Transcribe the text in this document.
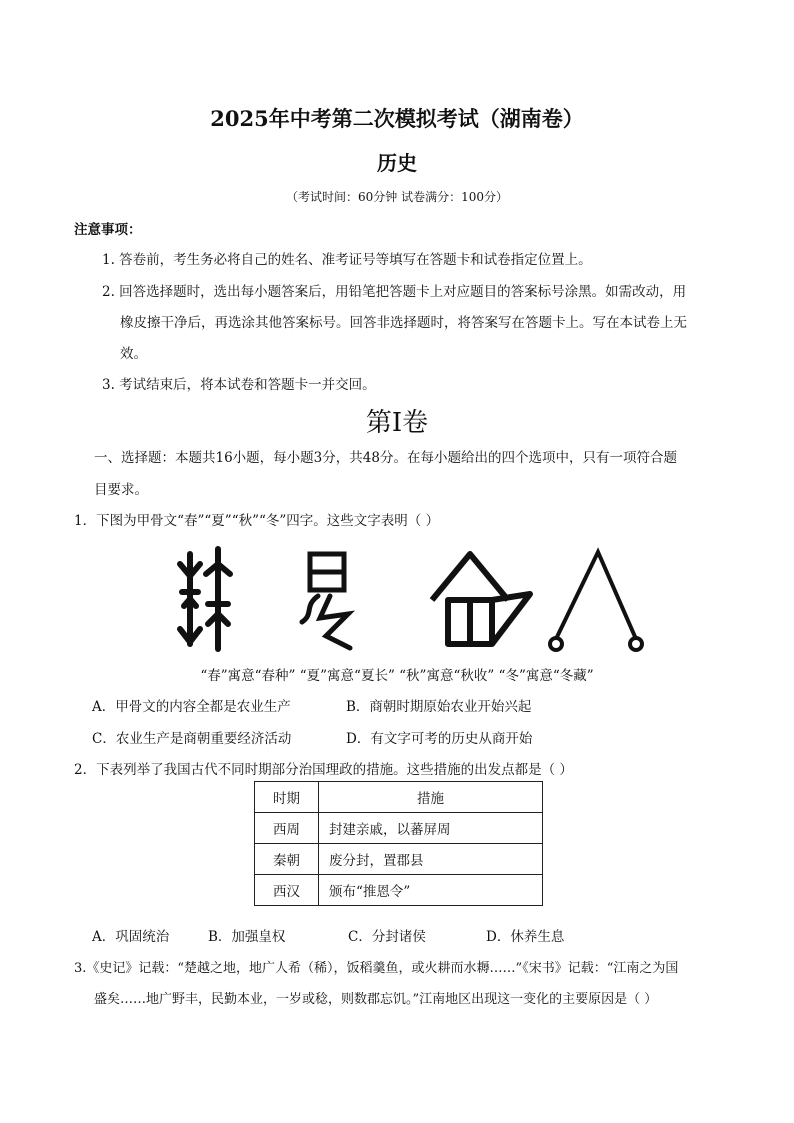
2025年中考第二次模拟考试（湖南卷）
历史
（考试时间：60分钟 试卷满分：100分）
注意事项：
1. 答卷前，考生务必将自己的姓名、准考证号等填写在答题卡和试卷指定位置上。
2. 回答选择题时，选出每小题答案后，用铅笔把答题卡上对应题目的答案标号涂黑。如需改动，用
橡皮擦干净后，再选涂其他答案标号。回答非选择题时，将答案写在答题卡上。写在本试卷上无
效。
3. 考试结束后，将本试卷和答题卡一并交回。
第Ⅰ卷
一、选择题：本题共16小题，每小题3分，共48分。在每小题给出的四个选项中，只有一项符合题
目要求。
1．下图为甲骨文“春”“夏”“秋”“冬”四字。这些文字表明（ ）
“春”寓意“春种” “夏”寓意“夏长” “秋”寓意“秋收” “冬”寓意“冬藏”
A．甲骨文的内容全都是农业生产	B．商朝时期原始农业开始兴起
C．农业生产是商朝重要经济活动	D．有文字可考的历史从商开始
2．下表列举了我国古代不同时期部分治国理政的措施。这些措施的出发点都是（ ）
时期	措施
西周	封建亲戚，以蕃屏周
秦朝	废分封，置郡县
西汉	颁布“推恩令”
A．巩固统治	B．加强皇权	C．分封诸侯	D．休养生息
3.《史记》记载：“楚越之地，地广人希（稀），饭稻羹鱼，或火耕而水耨……”《宋书》记载：“江南之为国
盛矣……地广野丰，民勤本业，一岁或稔，则数郡忘饥。”江南地区出现这一变化的主要原因是（ ）
